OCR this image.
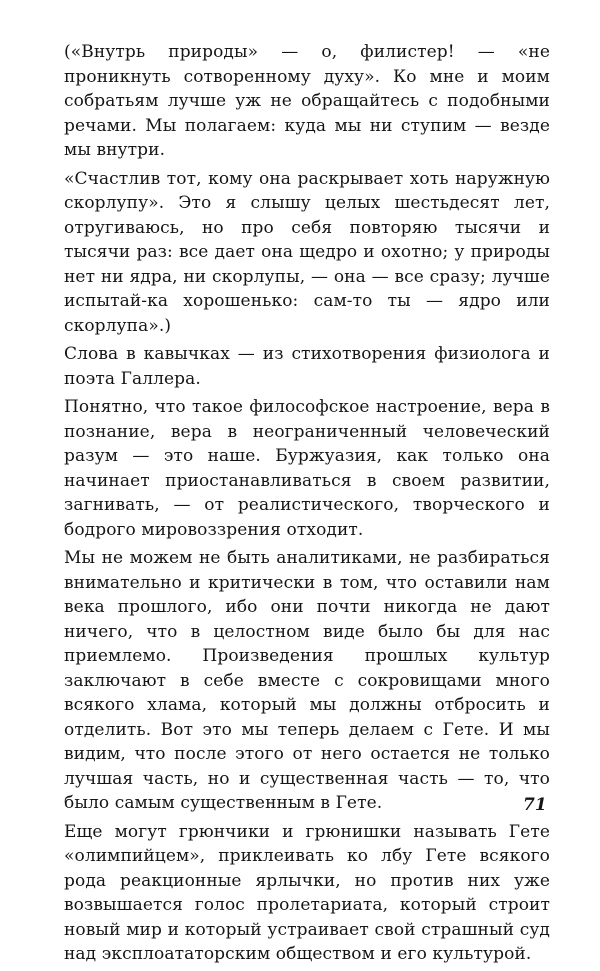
(«Внутрь природы» — о, филистер! — «не проникнуть сотворенному духу». Ко мне и моим собратьям лучше уж не обращайтесь с подобными речами. Мы полагаем: куда мы ни ступим — везде мы внутри.

«Счастлив тот, кому она раскрывает хоть наружную скорлупу». Это я слышу целых шестьдесят лет, отругиваюсь, но про себя повторяю тысячи и тысячи раз: все дает она щедро и охотно; у природы нет ни ядра, ни скорлупы, — она — все сразу; лучше испытай-ка хорошенько: сам-то ты — ядро или скорлупа».)

Слова в кавычках — из стихотворения физиолога и поэта Галлера.

Понятно, что такое философское настроение, вера в познание, вера в неограниченный человеческий разум — это наше. Буржуазия, как только она начинает приостанавливаться в своем развитии, загнивать, — от реалистического, творческого и бодрого мировоззрения отходит.

Мы не можем не быть аналитиками, не разбираться внимательно и критически в том, что оставили нам века прошлого, ибо они почти никогда не дают ничего, что в целостном виде было бы для нас приемлемо. Произведения прошлых культур заключают в себе вместе с сокровищами много всякого хлама, который мы должны отбросить и отделить. Вот это мы теперь делаем с Гете. И мы видим, что после этого от него остается не только лучшая часть, но и существенная часть — то, что было самым существенным в Гете.

Еще могут грюнчики и грюнишки называть Гете «олимпийцем», приклеивать ко лбу Гете всякого рода реакционные ярлычки, но против них уже возвышается голос пролетариата, который строит новый мир и который устраивает свой страшный суд над эксплоататорским обществом и его культурой.

71
